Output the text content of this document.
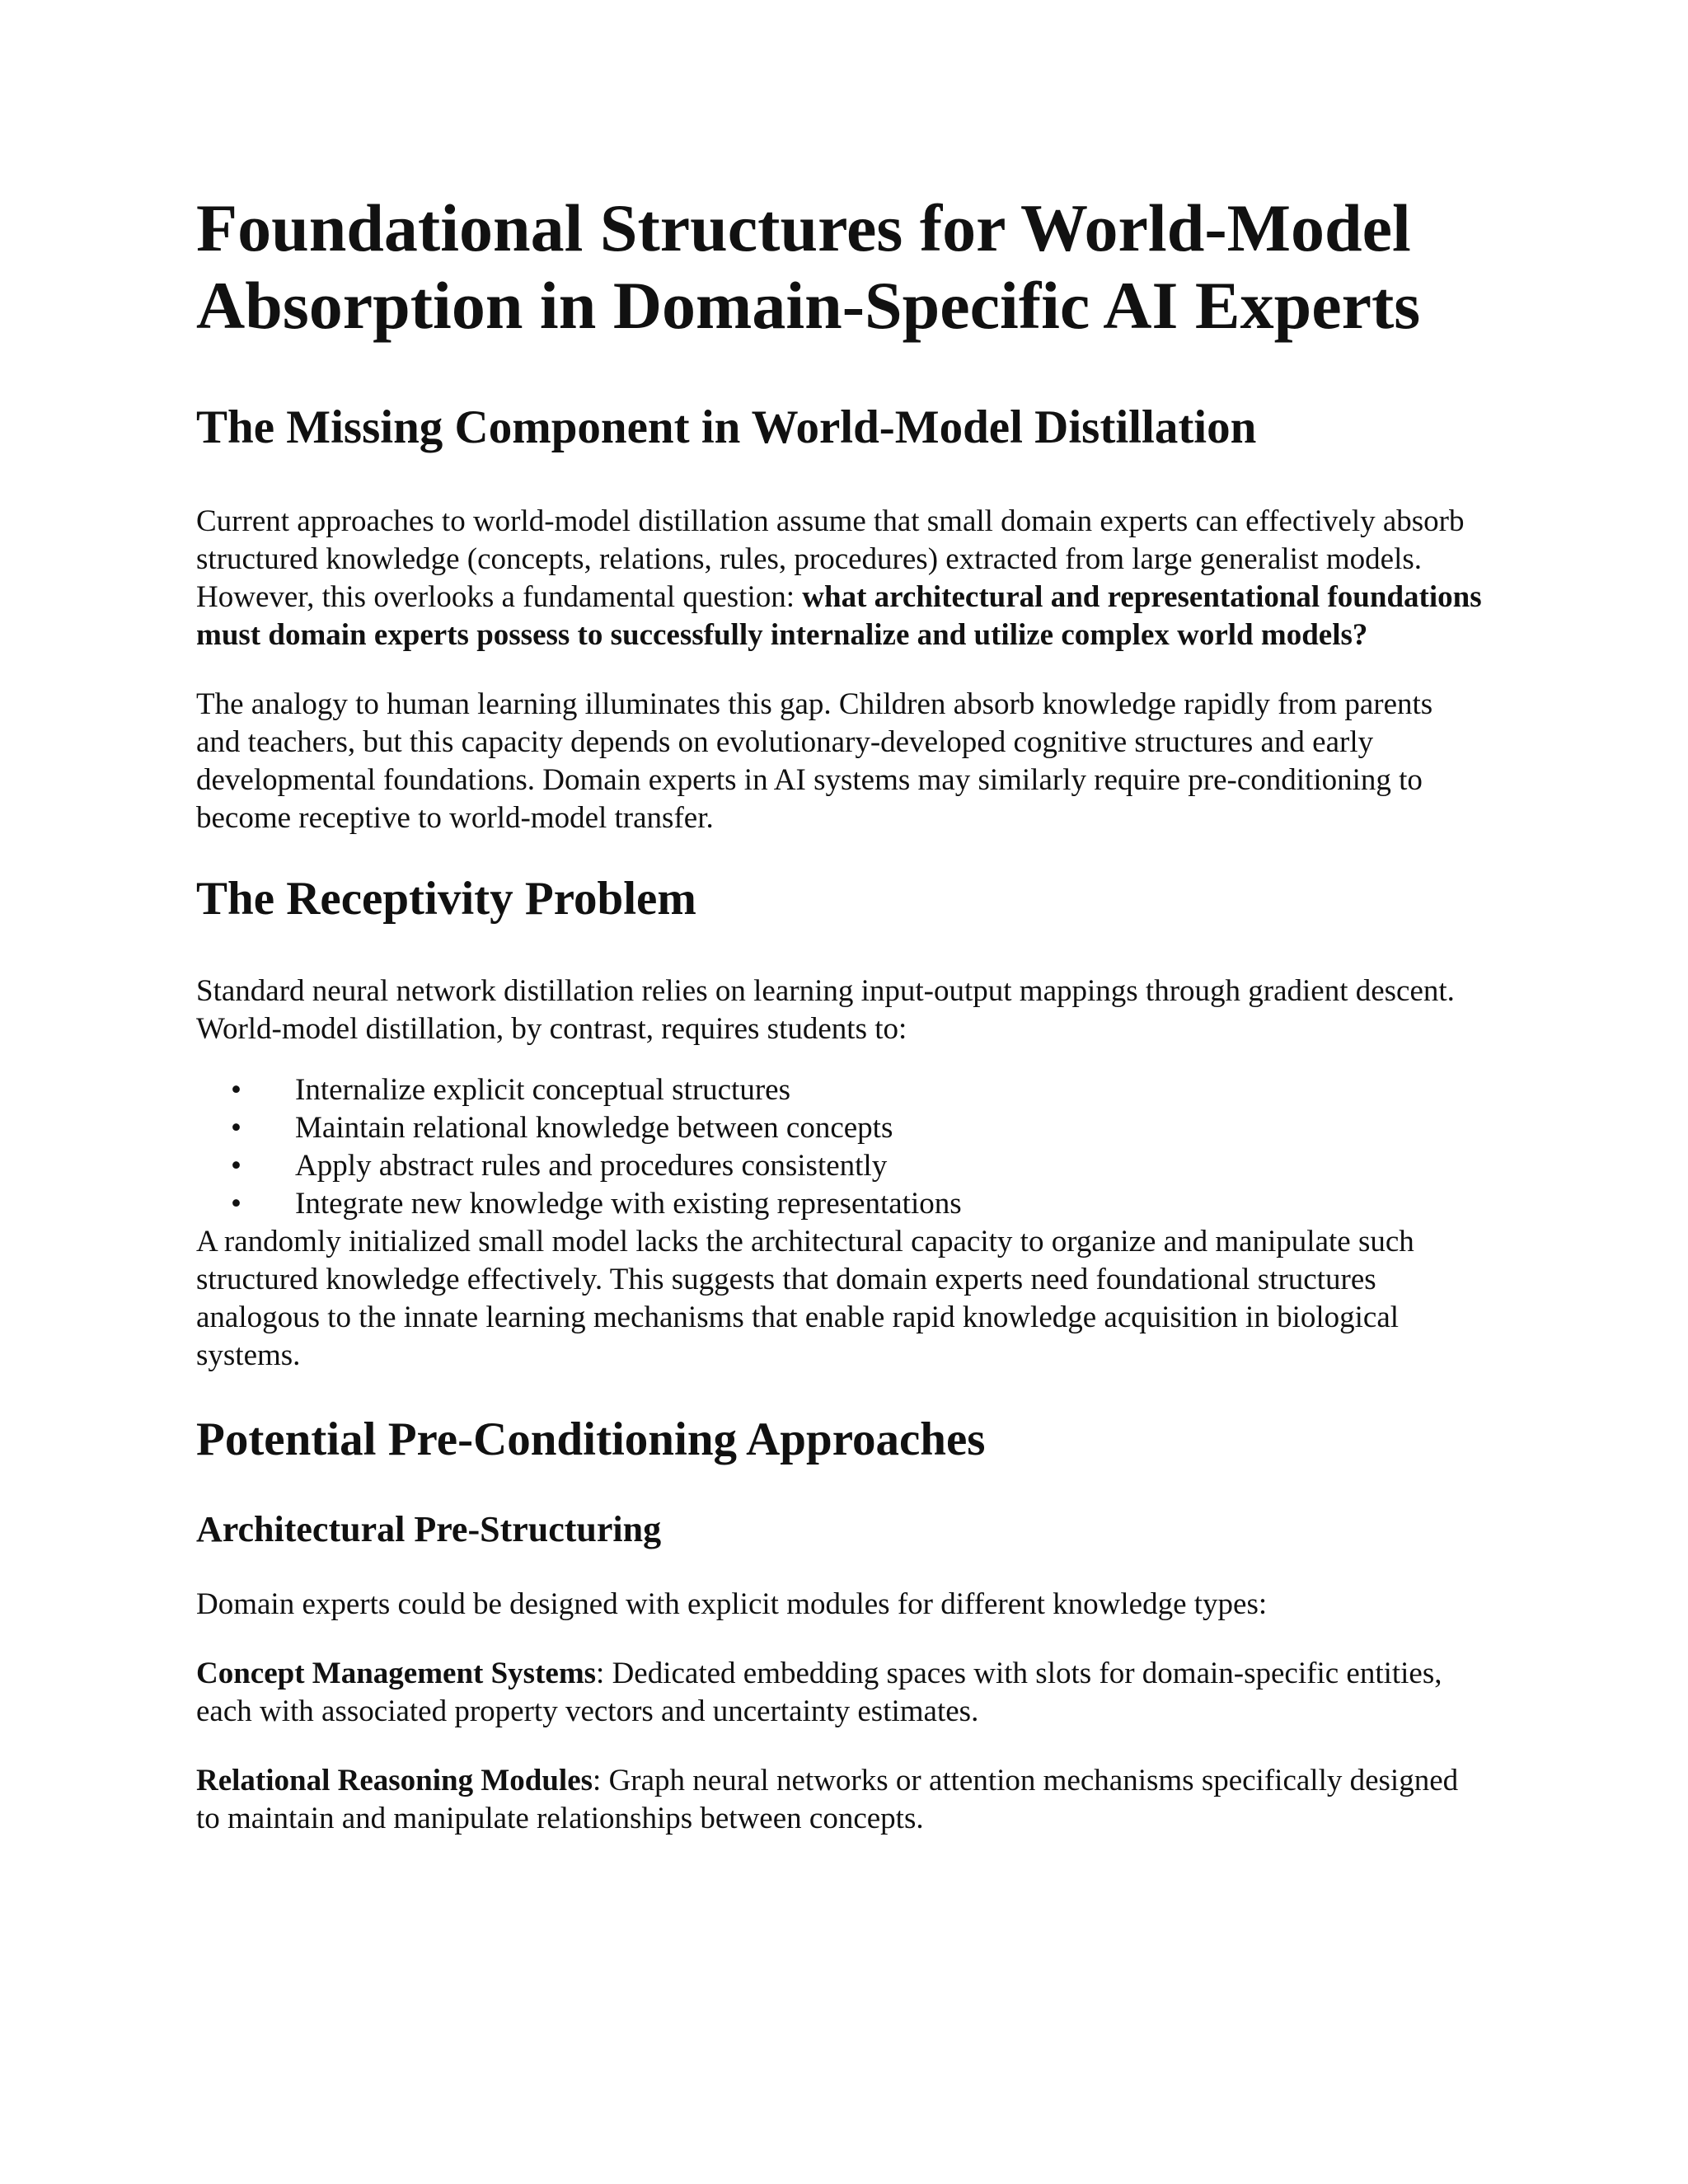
Foundational Structures for World-Model Absorption in Domain-Specific AI Experts
The Missing Component in World-Model Distillation

Current approaches to world-model distillation assume that small domain experts can effectively absorb structured knowledge (concepts, relations, rules, procedures) extracted from large generalist models. However, this overlooks a fundamental question: what architectural and representational foundations must domain experts possess to successfully internalize and utilize complex world models?

The analogy to human learning illuminates this gap. Children absorb knowledge rapidly from parents and teachers, but this capacity depends on evolutionary-developed cognitive structures and early developmental foundations. Domain experts in AI systems may similarly require pre-conditioning to become receptive to world-model transfer.

The Receptivity Problem

Standard neural network distillation relies on learning input-output mappings through gradient descent. World-model distillation, by contrast, requires students to:

• Internalize explicit conceptual structures
• Maintain relational knowledge between concepts
• Apply abstract rules and procedures consistently
• Integrate new knowledge with existing representations

A randomly initialized small model lacks the architectural capacity to organize and manipulate such structured knowledge effectively. This suggests that domain experts need foundational structures analogous to the innate learning mechanisms that enable rapid knowledge acquisition in biological systems.

Potential Pre-Conditioning Approaches
Architectural Pre-Structuring

Domain experts could be designed with explicit modules for different knowledge types:

Concept Management Systems: Dedicated embedding spaces with slots for domain-specific entities, each with associated property vectors and uncertainty estimates.

Relational Reasoning Modules: Graph neural networks or attention mechanisms specifically designed to maintain and manipulate relationships between concepts.
